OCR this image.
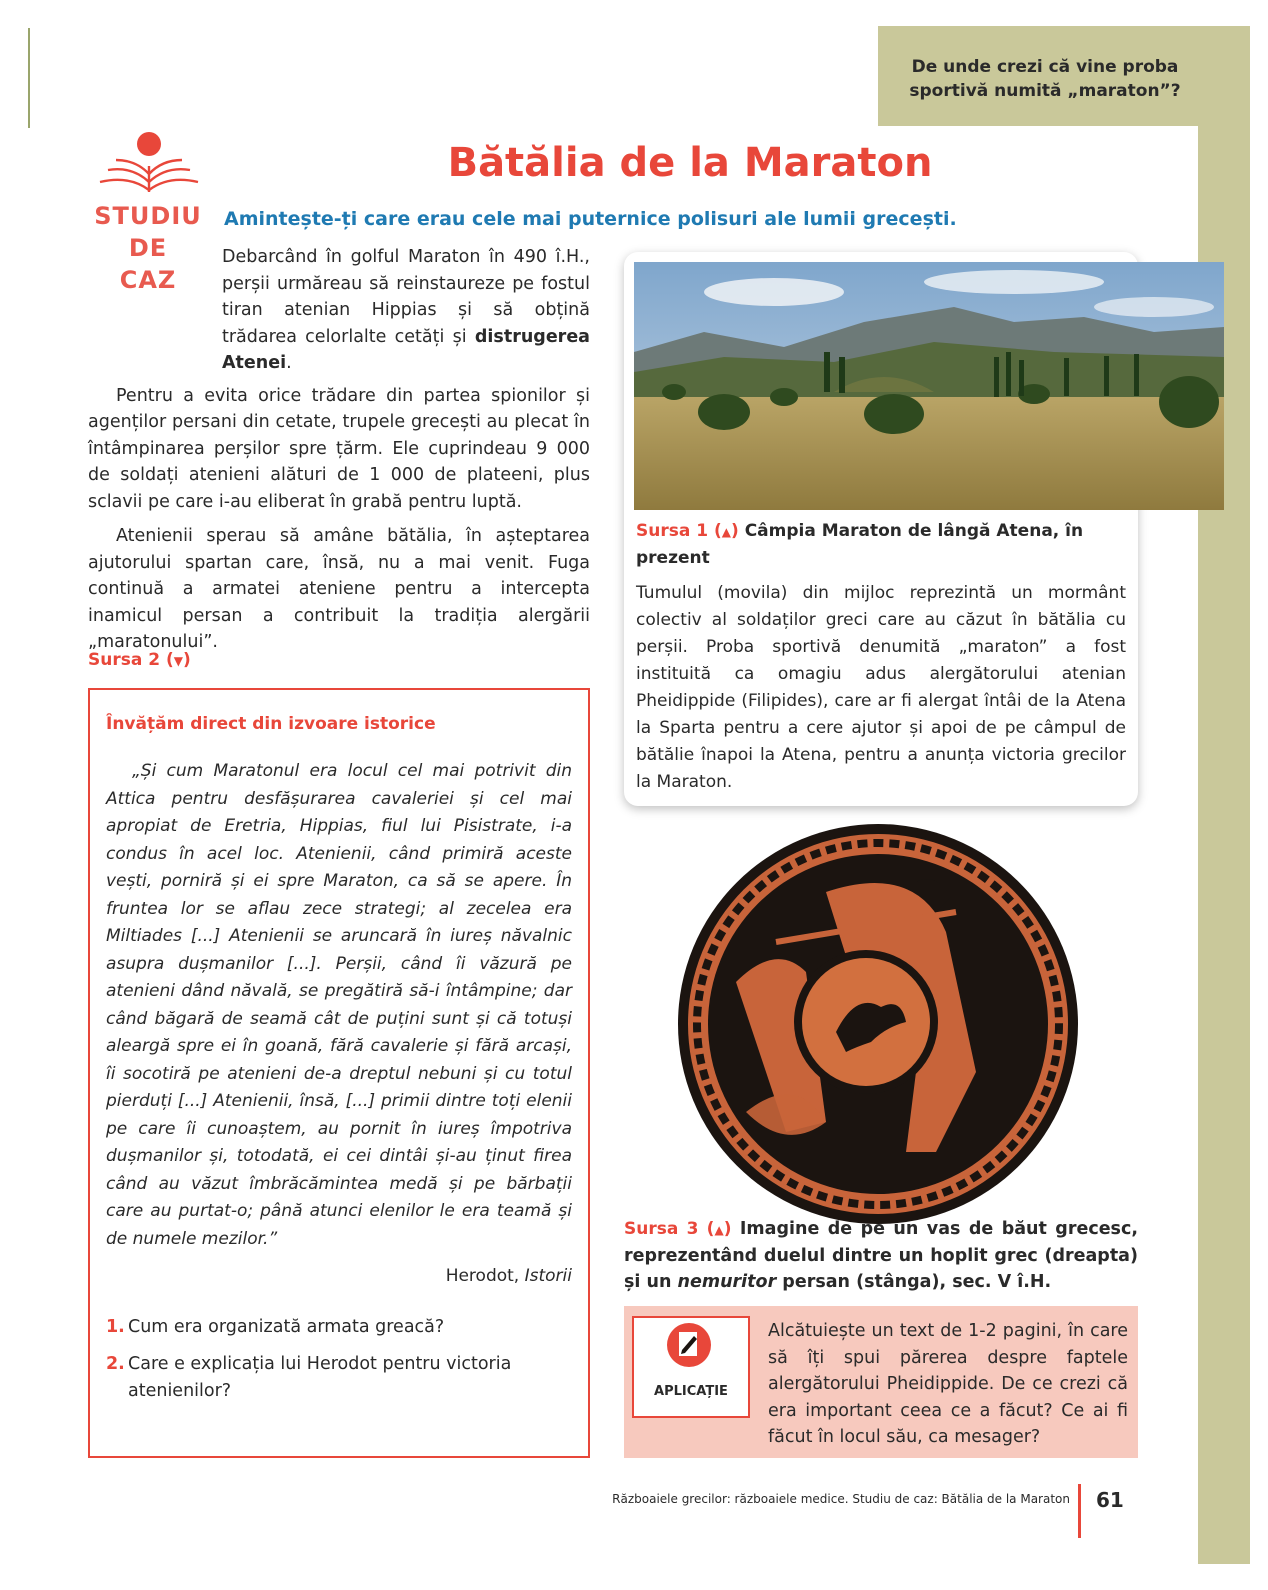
De unde crezi că vine proba sportivă numită „maraton”?
STUDIU
DE
CAZ
Bătălia de la Maraton
Amintește-ți care erau cele mai puternice polisuri ale lumii grecești.

Debarcând în golful Maraton în 490 î.H., perșii urmăreau să reinstaureze pe fostul tiran atenian Hippias și să obțină trădarea celorlalte cetăți și distrugerea Atenei.

Pentru a evita orice trădare din partea spionilor și agenților persani din cetate, trupele grecești au plecat în întâmpinarea perșilor spre țărm. Ele cuprindeau 9 000 de soldați atenieni alături de 1 000 de plateeni, plus sclavii pe care i-au eliberat în grabă pentru luptă.

Atenienii sperau să amâne bătălia, în așteptarea ajutorului spartan care, însă, nu a mai venit. Fuga continuă a armatei ateniene pentru a intercepta inamicul persan a contribuit la tradiția alergării „maratonului”.

Sursa 1 (▲) Câmpia Maraton de lângă Atena, în prezent
Tumulul (movila) din mijloc reprezintă un mormânt colectiv al soldaților greci care au căzut în bătălia cu perșii. Proba sportivă denumită „maraton” a fost instituită ca omagiu adus alergătorului atenian Pheidippide (Filipides), care ar fi alergat întâi de la Atena la Sparta pentru a cere ajutor și apoi de pe câmpul de bătălie înapoi la Atena, pentru a anunța victoria grecilor la Maraton.
Sursa 2 (▼)
Învățăm direct din izvoare istorice
„Și cum Maratonul era locul cel mai potrivit din Attica pentru desfășurarea cavaleriei și cel mai apropiat de Eretria, Hippias, fiul lui Pisistrate, i-a condus în acel loc. Atenienii, când primiră aceste vești, porniră și ei spre Maraton, ca să se apere. În fruntea lor se aflau zece strategi; al zecelea era Miltiades [...] Atenienii se aruncară în iureș năvalnic asupra dușmanilor [...]. Perșii, când îi văzură pe atenieni dând năvală, se pregătiră să-i întâmpine; dar când băgară de seamă cât de puțini sunt și că totuși aleargă spre ei în goană, fără cavalerie și fără arcași, îi socotiră pe atenieni de-a dreptul nebuni și cu totul pierduți [...] Atenienii, însă, [...] primii dintre toți elenii pe care îi cunoaștem, au pornit în iureș împotriva dușmanilor și, totodată, ei cei dintâi și-au ținut firea când au văzut îmbrăcămintea medă și pe bărbații care au purtat-o; până atunci elenilor le era teamă și de numele mezilor.”
Herodot, Istorii
1. Cum era organizată armata greacă?
2. Care e explicația lui Herodot pentru victoria atenienilor?
Sursa 3 (▲) Imagine de pe un vas de băut grecesc, reprezentând duelul dintre un hoplit grec (dreapta) și un nemuritor persan (stânga), sec. V î.H.
APLICAȚIE
Alcătuiește un text de 1-2 pagini, în care să îți spui părerea despre faptele alergătorului Pheidippide. De ce crezi că era important ceea ce a făcut? Ce ai fi făcut în locul său, ca mesager?
Războaiele grecilor: războaiele medice. Studiu de caz: Bătălia de la Maraton 61
